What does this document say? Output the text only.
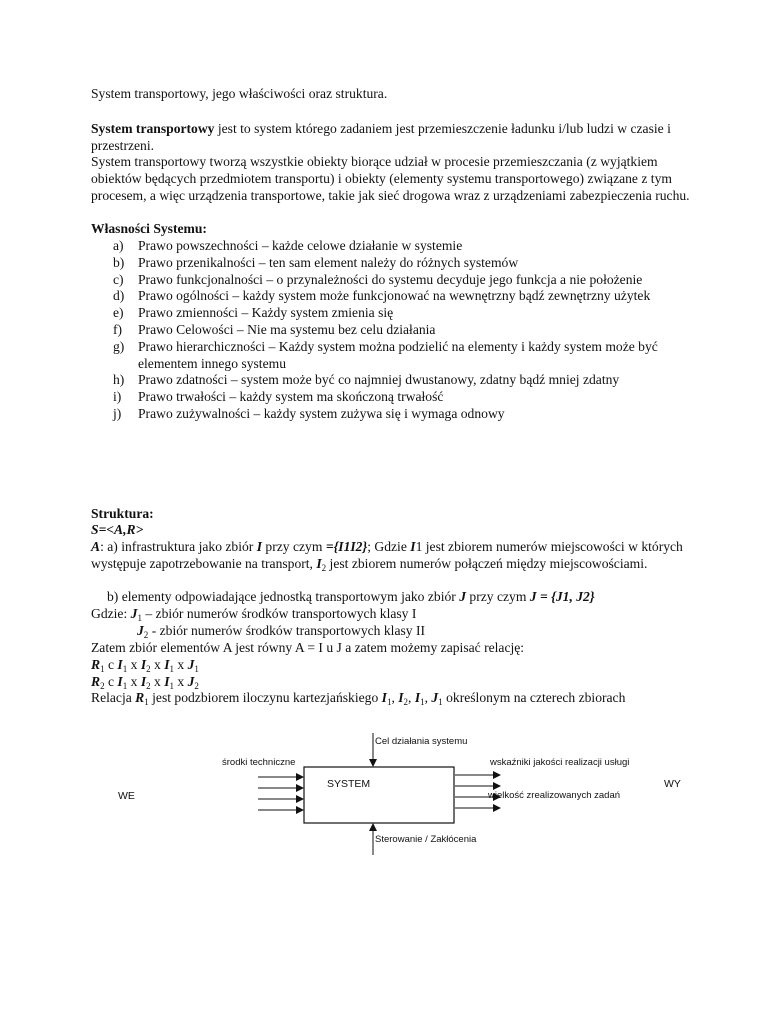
System transportowy, jego właściwości oraz struktura.

System transportowy jest to system którego zadaniem jest przemieszczenie ładunku i/lub ludzi w czasie i przestrzeni.

System transportowy tworzą wszystkie obiekty biorące udział w procesie przemieszczania (z wyjątkiem obiektów będących przedmiotem transportu) i obiekty (elementy systemu transportowego) związane z tym procesem, a więc urządzenia transportowe, takie jak sieć drogowa wraz z urządzeniami zabezpieczenia ruchu.

Własności Systemu:

a) Prawo powszechności – każde celowe działanie w systemie
b) Prawo przenikalności – ten sam element należy do różnych systemów
c) Prawo funkcjonalności – o przynależności do systemu decyduje jego funkcja a nie położenie
d) Prawo ogólności – każdy system może funkcjonować na wewnętrzny bądź zewnętrzny użytek
e) Prawo zmienności – Każdy system zmienia się
f) Prawo Celowości – Nie ma systemu bez celu działania
g) Prawo hierarchiczności – Każdy system można podzielić na elementy i każdy system może być elementem innego systemu
h) Prawo zdatności – system może być co najmniej dwustanowy, zdatny bądź mniej zdatny
i) Prawo trwałości – każdy system ma skończoną trwałość
j) Prawo zużywalności – każdy system zużywa się i wymaga odnowy

Struktura:

S=<A,R>

A: a) infrastruktura jako zbiór I przy czym ={I1I2}; Gdzie I1 jest zbiorem numerów miejscowości w których występuje zapotrzebowanie na transport, $I_2$ jest zbiorem numerów połączeń między miejscowościami.

b) elementy odpowiadające jednostką transportowym jako zbiór J przy czym J = {J1, J2}

Gdzie: $J_1$ – zbiór numerów środków transportowych klasy I

$J_2$ - zbiór numerów środków transportowych klasy II

Zatem zbiór elementów A jest równy A = I u J a zatem możemy zapisać relację:

$R_1$ c $I_1$ x $I_2$ x $I_1$ x $J_1$

$R_2$ c $I_1$ x $I_2$ x $I_1$ x $J_2$

Relacja $R_1$ jest podzbiorem iloczynu kartezjańskiego $I_1$, $I_2$, $I_1$, $J_1$ określonym na czterech zbiorach

SYSTEM
Cel działania systemu
Sterowanie / Zakłócenia
środki techniczne
WE
wskaźniki jakości realizacji usługi
wielkość zrealizowanych zadań
WY
